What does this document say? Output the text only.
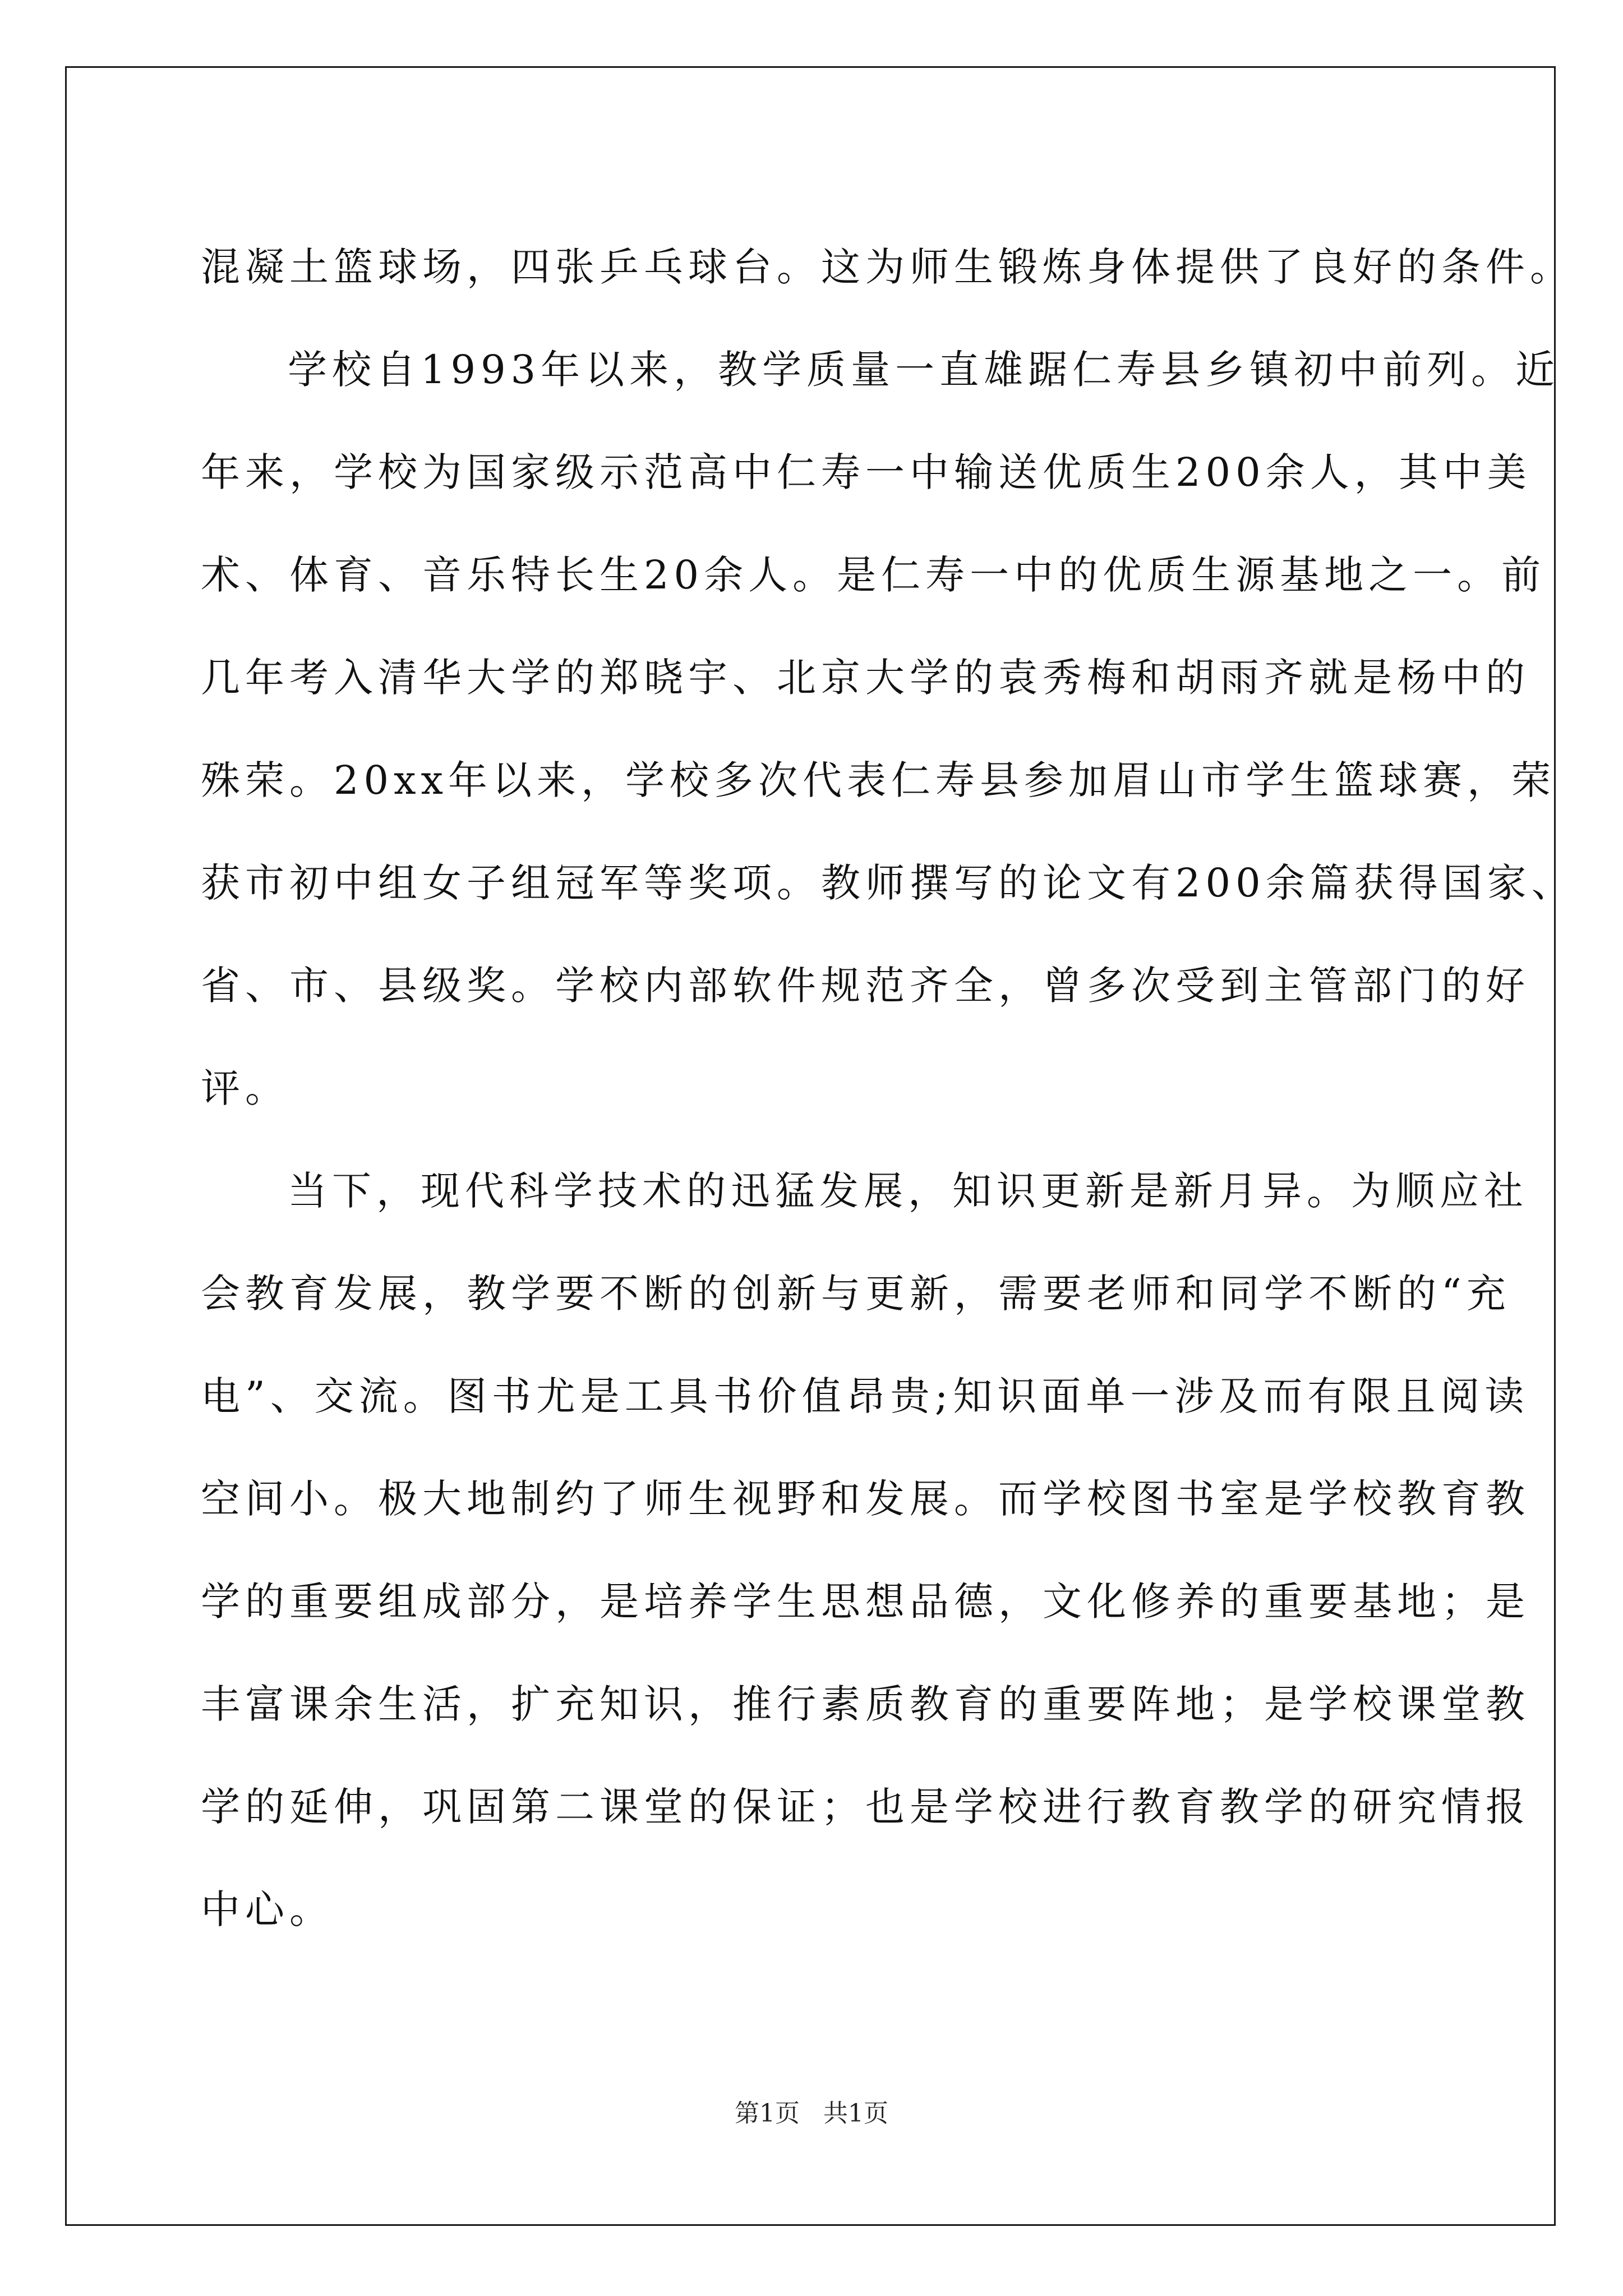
混凝土篮球场，四张乒乓球台。这为师生锻炼身体提供了良好的条件。
学校自1993年以来，教学质量一直雄踞仁寿县乡镇初中前列。近
年来，学校为国家级示范高中仁寿一中输送优质生200余人，其中美
术、体育、音乐特长生20余人。是仁寿一中的优质生源基地之一。前
几年考入清华大学的郑晓宇、北京大学的袁秀梅和胡雨齐就是杨中的
殊荣。20xx年以来，学校多次代表仁寿县参加眉山市学生篮球赛，荣
获市初中组女子组冠军等奖项。教师撰写的论文有200余篇获得国家、
省、市、县级奖。学校内部软件规范齐全，曾多次受到主管部门的好
评。
当下，现代科学技术的迅猛发展，知识更新是新月异。为顺应社
会教育发展，教学要不断的创新与更新，需要老师和同学不断的“充
电”、交流。图书尤是工具书价值昂贵;知识面单一涉及而有限且阅读
空间小。极大地制约了师生视野和发展。而学校图书室是学校教育教
学的重要组成部分，是培养学生思想品德，文化修养的重要基地；是
丰富课余生活，扩充知识，推行素质教育的重要阵地；是学校课堂教
学的延伸，巩固第二课堂的保证；也是学校进行教育教学的研究情报
中心。
第1页   共1页
